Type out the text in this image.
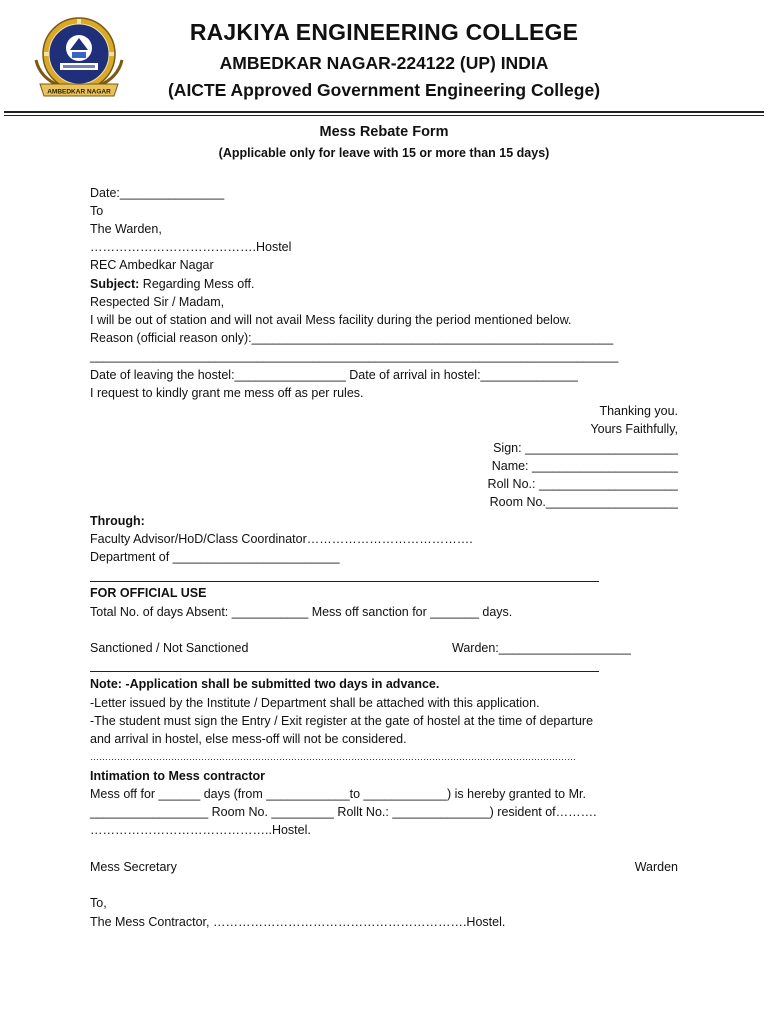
AMBEDKAR NAGAR
RAJKIYA ENGINEERING COLLEGE
AMBEDKAR NAGAR-224122 (UP) INDIA
(AICTE Approved Government Engineering College)
Mess Rebate Form
(Applicable only for leave with 15 or more than 15 days)
Date:_______________
To
The Warden,
………………………………….Hostel
REC Ambedkar Nagar
Subject: Regarding Mess off.
Respected Sir / Madam,
I will be out of station and will not avail Mess facility during the period mentioned below.
Reason (official reason only):____________________________________________________
____________________________________________________________________________
Date of leaving the hostel:________________ Date of arrival in hostel:______________
I request to kindly grant me mess off as per rules.
Thanking you.
Yours Faithfully,
Sign: ______________________
Name: _____________________
Roll No.: ____________________
Room No.___________________
Through:
Faculty Advisor/HoD/Class Coordinator………………………………….
Department of ________________________
FOR OFFICIAL USE
Total No. of days Absent: ___________ Mess off sanction for _______ days.
Sanctioned / Not Sanctioned	Warden:___________________
Note: -Application shall be submitted two days in advance.
-Letter issued by the Institute / Department shall be attached with this application.
-The student must sign the Entry / Exit register at the gate of hostel at the time of departure
and arrival in hostel, else mess-off will not be considered.
………………………………………………………………………………………………………………………………………………
Intimation to Mess contractor
Mess off for ______ days (from ____________to ____________) is hereby granted to Mr.
_________________ Room No. _________ Rollt No.: ______________) resident of……….
……………………………………..Hostel.
Mess Secretary	Warden
To,
The Mess Contractor, …………………………………………………….Hostel.
